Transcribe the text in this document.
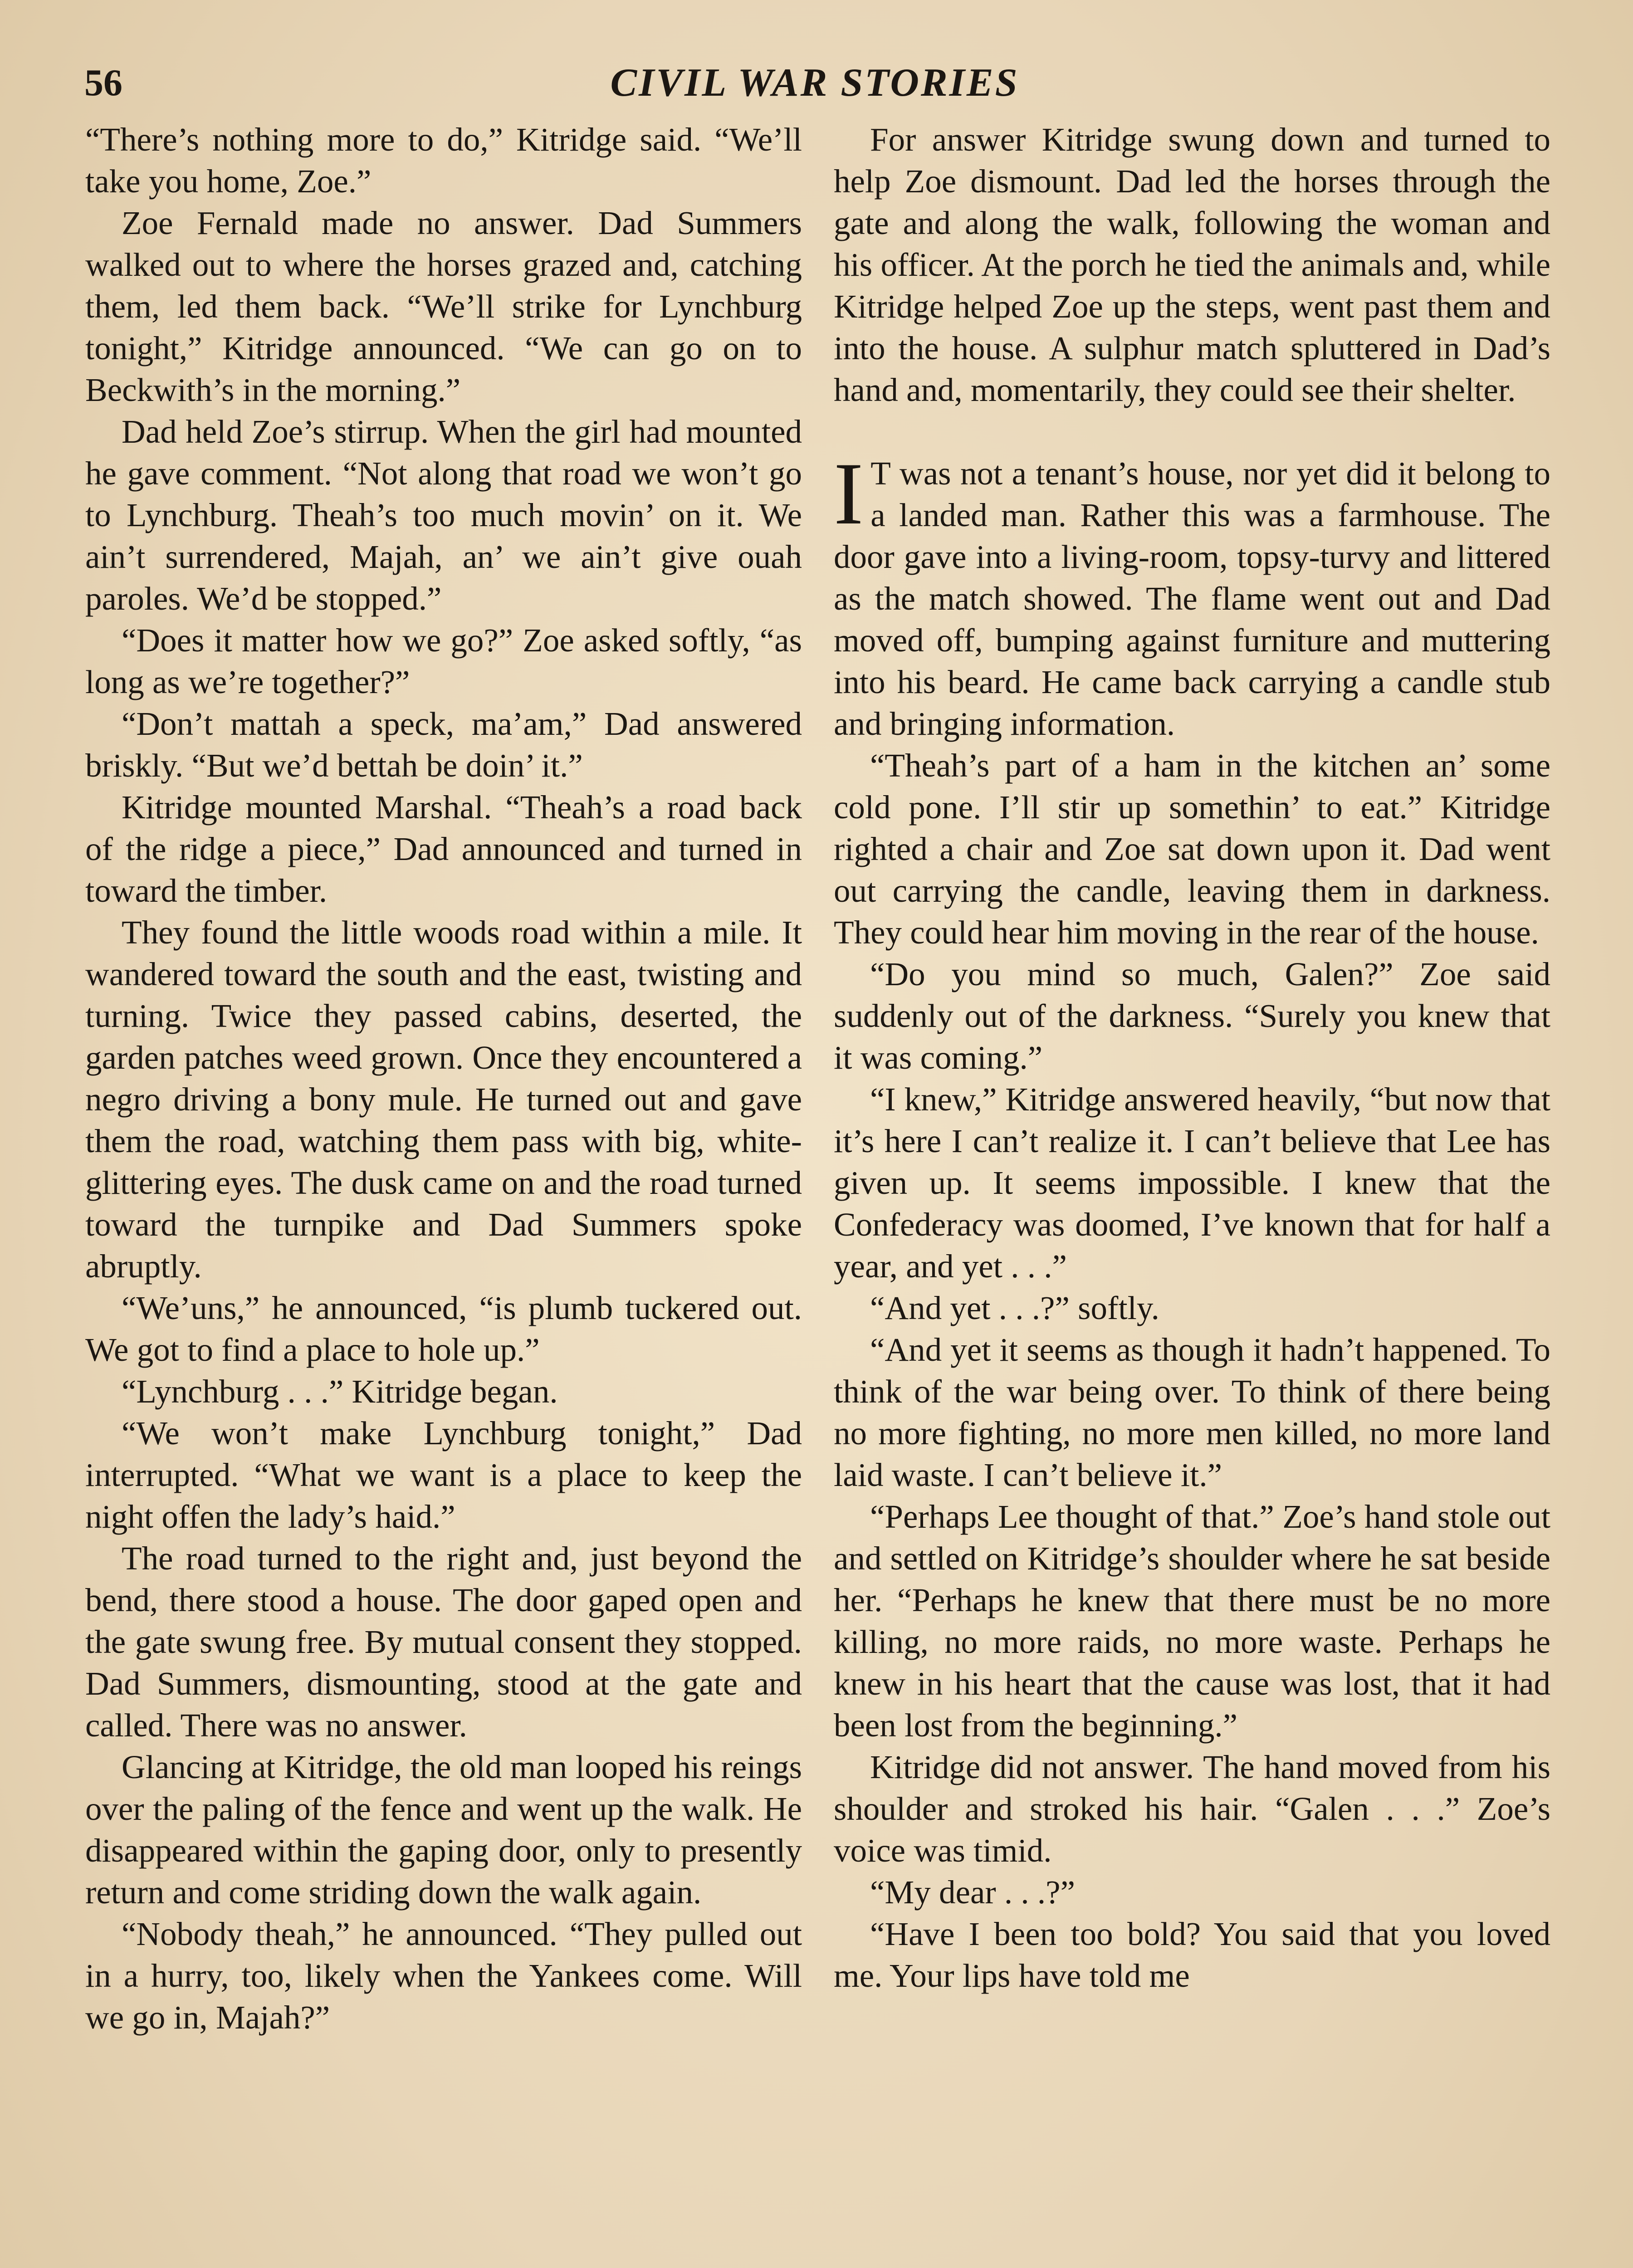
56	CIVIL WAR STORIES

“There’s nothing more to do,” Kitridge said. “We’ll take you home, Zoe.”

Zoe Fernald made no answer. Dad Summers walked out to where the horses grazed and, catching them, led them back. “We’ll strike for Lynchburg tonight,” Kitridge announced. “We can go on to Beckwith’s in the morning.”

Dad held Zoe’s stirrup. When the girl had mounted he gave comment. “Not along that road we won’t go to Lynchburg. Theah’s too much movin’ on it. We ain’t surrendered, Majah, an’ we ain’t give ouah paroles. We’d be stopped.”

“Does it matter how we go?” Zoe asked softly, “as long as we’re together?”

“Don’t mattah a speck, ma’am,” Dad answered briskly. “But we’d bettah be doin’ it.”

Kitridge mounted Marshal. “Theah’s a road back of the ridge a piece,” Dad announced and turned in toward the timber.

They found the little woods road within a mile. It wandered toward the south and the east, twisting and turning. Twice they passed cabins, deserted, the garden patches weed grown. Once they encountered a negro driving a bony mule. He turned out and gave them the road, watching them pass with big, white-glittering eyes. The dusk came on and the road turned toward the turnpike and Dad Summers spoke abruptly.

“We’uns,” he announced, “is plumb tuckered out. We got to find a place to hole up.”

“Lynchburg . . .” Kitridge began.

“We won’t make Lynchburg tonight,” Dad interrupted. “What we want is a place to keep the night offen the lady’s haid.”

The road turned to the right and, just beyond the bend, there stood a house. The door gaped open and the gate swung free. By mutual consent they stopped. Dad Summers, dismounting, stood at the gate and called. There was no answer.

Glancing at Kitridge, the old man looped his reings over the paling of the fence and went up the walk. He disappeared within the gaping door, only to presently return and come striding down the walk again.

“Nobody theah,” he announced. “They pulled out in a hurry, too, likely when the Yankees come. Will we go in, Majah?”

For answer Kitridge swung down and turned to help Zoe dismount. Dad led the horses through the gate and along the walk, following the woman and his officer. At the porch he tied the animals and, while Kitridge helped Zoe up the steps, went past them and into the house. A sulphur match spluttered in Dad’s hand and, momentarily, they could see their shelter.

I T was not a tenant’s house, nor yet did it belong to a landed man. Rather this was a farmhouse. The door gave into a living-room, topsy-turvy and littered as the match showed. The flame went out and Dad moved off, bumping against furniture and muttering into his beard. He came back carrying a candle stub and bringing information.

“Theah’s part of a ham in the kitchen an’ some cold pone. I’ll stir up somethin’ to eat.” Kitridge righted a chair and Zoe sat down upon it. Dad went out carrying the candle, leaving them in darkness. They could hear him moving in the rear of the house.

“Do you mind so much, Galen?” Zoe said suddenly out of the darkness. “Surely you knew that it was coming.”

“I knew,” Kitridge answered heavily, “but now that it’s here I can’t realize it. I can’t believe that Lee has given up. It seems impossible. I knew that the Confederacy was doomed, I’ve known that for half a year, and yet . . .”

“And yet . . .?” softly.

“And yet it seems as though it hadn’t happened. To think of the war being over. To think of there being no more fighting, no more men killed, no more land laid waste. I can’t believe it.”

“Perhaps Lee thought of that.” Zoe’s hand stole out and settled on Kitridge’s shoulder where he sat beside her. “Perhaps he knew that there must be no more killing, no more raids, no more waste. Perhaps he knew in his heart that the cause was lost, that it had been lost from the beginning.”

Kitridge did not answer. The hand moved from his shoulder and stroked his hair. “Galen . . .” Zoe’s voice was timid.

“My dear . . .?”

“Have I been too bold? You said that you loved me. Your lips have told me
